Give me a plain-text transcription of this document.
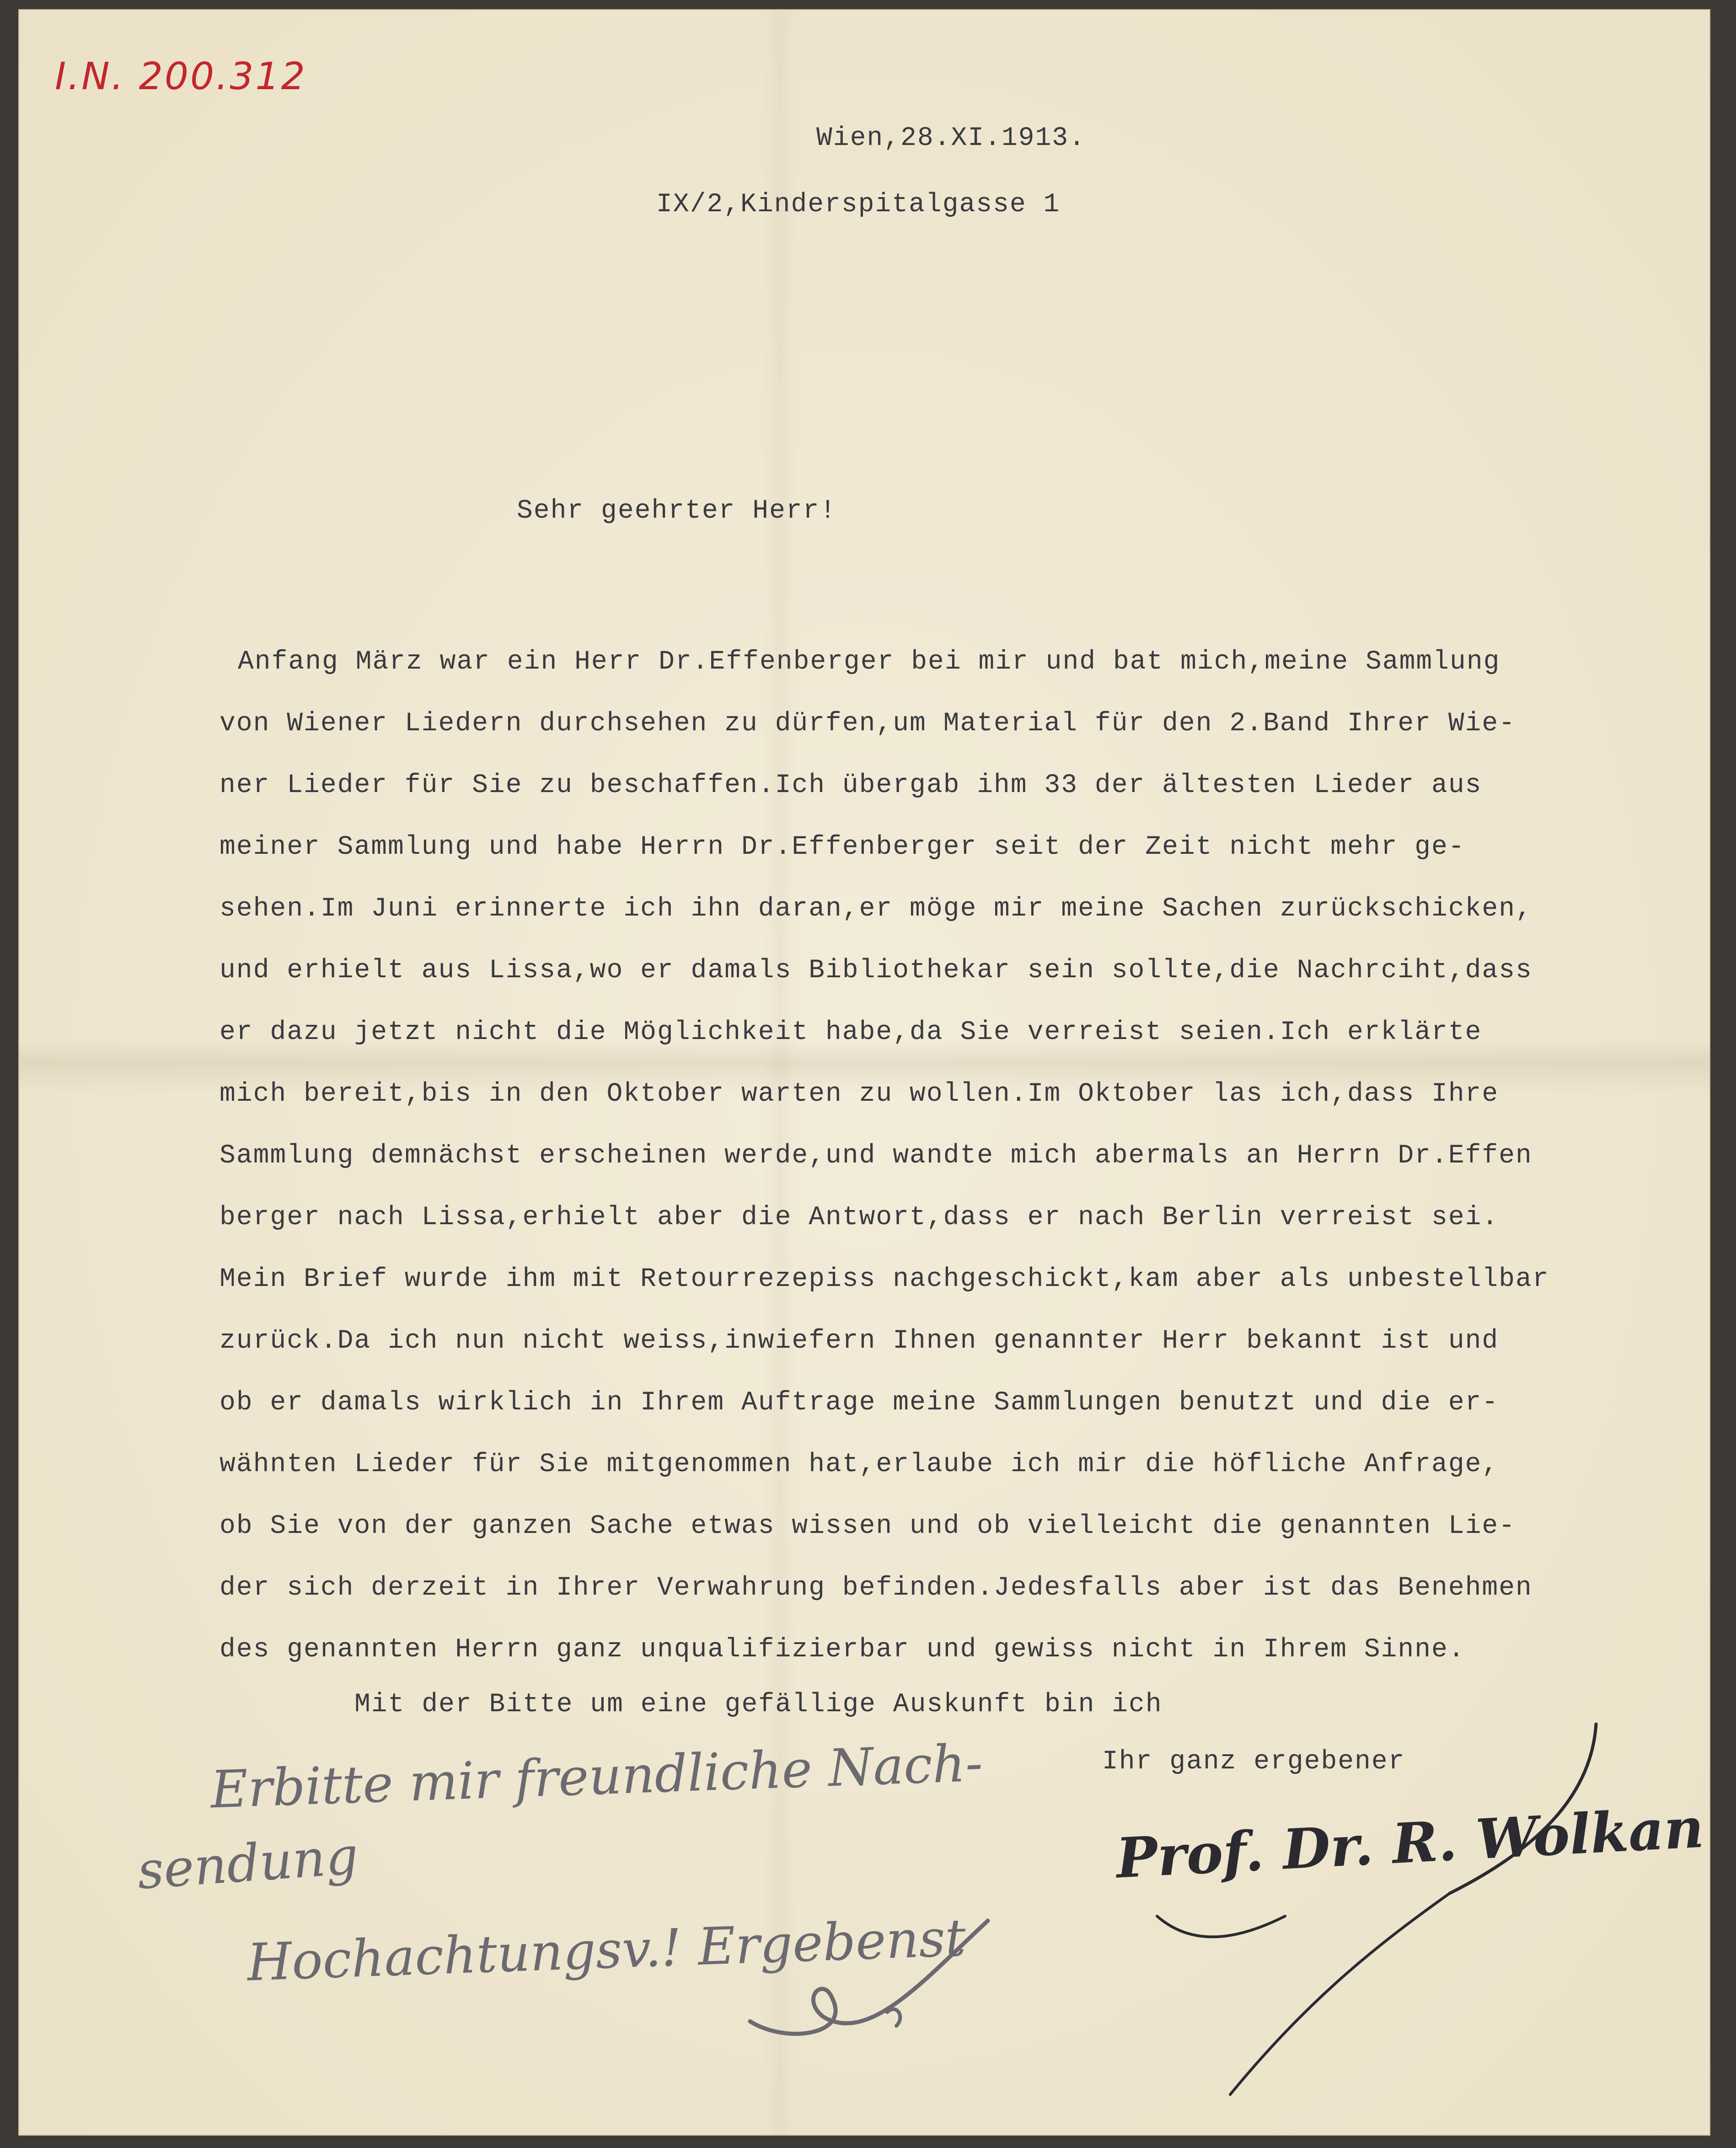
I.N. 200.312
Wien,28.XI.1913.
IX/2,Kinderspitalgasse 1
Sehr geehrter Herr!
Anfang März war ein Herr Dr.Effenberger bei mir und bat mich,meine Sammlung
von Wiener Liedern durchsehen zu dürfen,um Material für den 2.Band Ihrer Wie-
ner Lieder für Sie zu beschaffen.Ich übergab ihm 33 der ältesten Lieder aus
meiner Sammlung und habe Herrn Dr.Effenberger seit der Zeit nicht mehr ge-
sehen.Im Juni erinnerte ich ihn daran,er möge mir meine Sachen zurückschicken,
und erhielt aus Lissa,wo er damals Bibliothekar sein sollte,die Nachrciht,dass
er dazu jetzt nicht die Möglichkeit habe,da Sie verreist seien.Ich erklärte
mich bereit,bis in den Oktober warten zu wollen.Im Oktober las ich,dass Ihre
Sammlung demnächst erscheinen werde,und wandte mich abermals an Herrn Dr.Effen
berger nach Lissa,erhielt aber die Antwort,dass er nach Berlin verreist sei.
Mein Brief wurde ihm mit Retourrezepiss nachgeschickt,kam aber als unbestellbar
zurück.Da ich nun nicht weiss,inwiefern Ihnen genannter Herr bekannt ist und
ob er damals wirklich in Ihrem Auftrage meine Sammlungen benutzt und die er-
wähnten Lieder für Sie mitgenommen hat,erlaube ich mir die höfliche Anfrage,
ob Sie von der ganzen Sache etwas wissen und ob vielleicht die genannten Lie-
der sich derzeit in Ihrer Verwahrung befinden.Jedesfalls aber ist das Benehmen
des genannten Herrn ganz unqualifizierbar und gewiss nicht in Ihrem Sinne.
Mit der Bitte um eine gefällige Auskunft bin ich
Ihr ganz ergebener
Erbitte mir freundliche Nach-
sendung
Hochachtungsv.! Ergebenst
Prof. Dr. R. Wolkan
